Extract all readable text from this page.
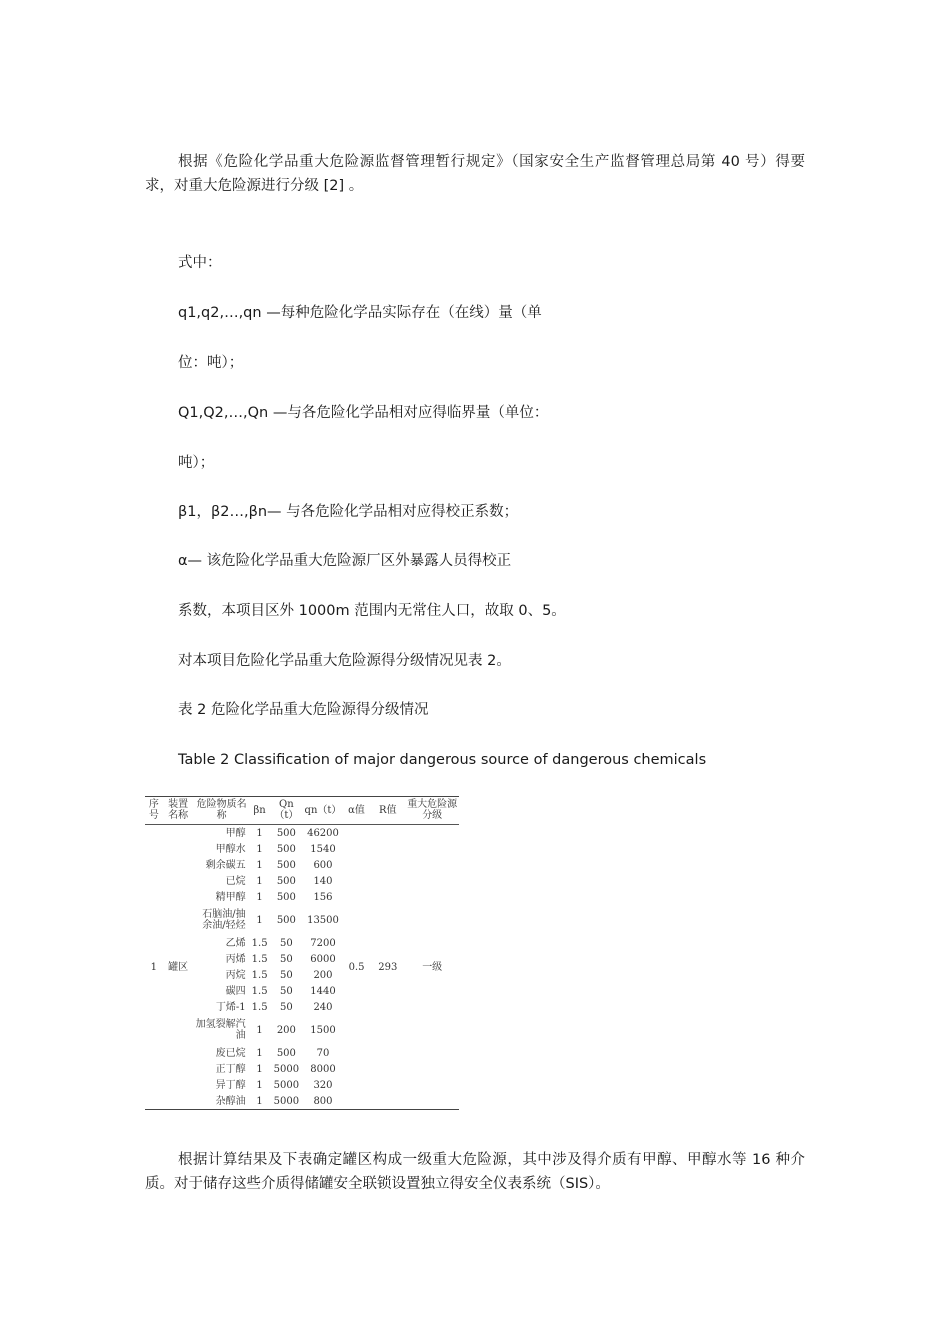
根据《危险化学品重大危险源监督管理暂行规定》（国家安全生产监督管理总局第 40 号）得要求，对重大危险源进行分级 [2] 。
式中：
q1,q2,…,qn —每种危险化学品实际存在（在线）量（单
位：吨）；
Q1,Q2,…,Qn —与各危险化学品相对应得临界量（单位：
吨）；
β1，β2…,βn— 与各危险化学品相对应得校正系数；
α— 该危险化学品重大危险源厂区外暴露人员得校正
系数，本项目区外 1000m 范围内无常住人口，故取 0、5。
对本项目危险化学品重大危险源得分级情况见表 2。
表 2 危险化学品重大危险源得分级情况
Table 2 Classification of major dangerous source of dangerous chemicals
序号	装置名称	危险物质名称	βn	Qn（t）	qn（t）	α值	R值	重大危险源分级
1	罐区	甲醇	1	500	46200	0.5	293	一级
		甲醇水	1	500	1540			
		剩余碳五	1	500	600			
		已烷	1	500	140			
		精甲醇	1	500	156			
		石脑油/抽余油/轻烃	1	500	13500			
		乙烯	1.5	50	7200			
		丙烯	1.5	50	6000			
		丙烷	1.5	50	200			
		碳四	1.5	50	1440			
		丁烯-1	1.5	50	240			
		加氢裂解汽油	1	200	1500			
		废已烷	1	500	70			
		正丁醇	1	5000	8000			
		异丁醇	1	5000	320			
		杂醇油	1	5000	800			
根据计算结果及下表确定罐区构成一级重大危险源，其中涉及得介质有甲醇、甲醇水等 16 种介质。对于储存这些介质得储罐安全联锁设置独立得安全仪表系统（SIS）。
